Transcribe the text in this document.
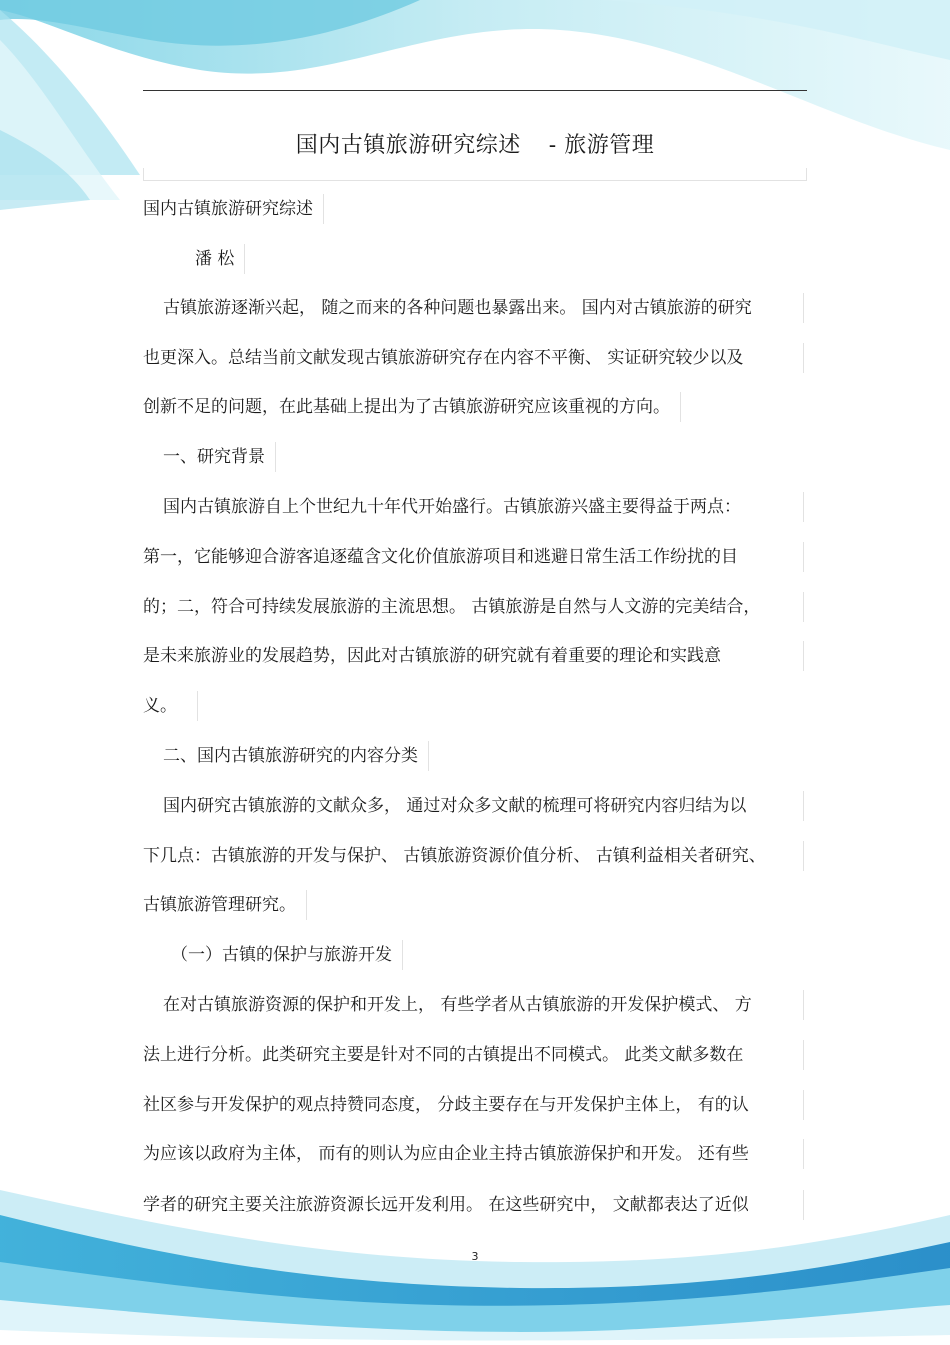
国内古镇旅游研究综述 - 旅游管理
国内古镇旅游研究综述
潘 松
古镇旅游逐渐兴起， 随之而来的各种问题也暴露出来。 国内对古镇旅游的研究
也更深入。总结当前文献发现古镇旅游研究存在内容不平衡、 实证研究较少以及
创新不足的问题，在此基础上提出为了古镇旅游研究应该重视的方向。
一、研究背景
国内古镇旅游自上个世纪九十年代开始盛行。古镇旅游兴盛主要得益于两点：
第一，它能够迎合游客追逐蕴含文化价值旅游项目和逃避日常生活工作纷扰的目
的；二，符合可持续发展旅游的主流思想。 古镇旅游是自然与人文游的完美结合，
是未来旅游业的发展趋势，因此对古镇旅游的研究就有着重要的理论和实践意
义。
二、国内古镇旅游研究的内容分类
国内研究古镇旅游的文献众多， 通过对众多文献的梳理可将研究内容归结为以
下几点：古镇旅游的开发与保护、 古镇旅游资源价值分析、 古镇利益相关者研究、
古镇旅游管理研究。
（一）古镇的保护与旅游开发
在对古镇旅游资源的保护和开发上， 有些学者从古镇旅游的开发保护模式、 方
法上进行分析。此类研究主要是针对不同的古镇提出不同模式。 此类文献多数在
社区参与开发保护的观点持赞同态度， 分歧主要存在与开发保护主体上， 有的认
为应该以政府为主体， 而有的则认为应由企业主持古镇旅游保护和开发。 还有些
学者的研究主要关注旅游资源长远开发利用。 在这些研究中， 文献都表达了近似
3
